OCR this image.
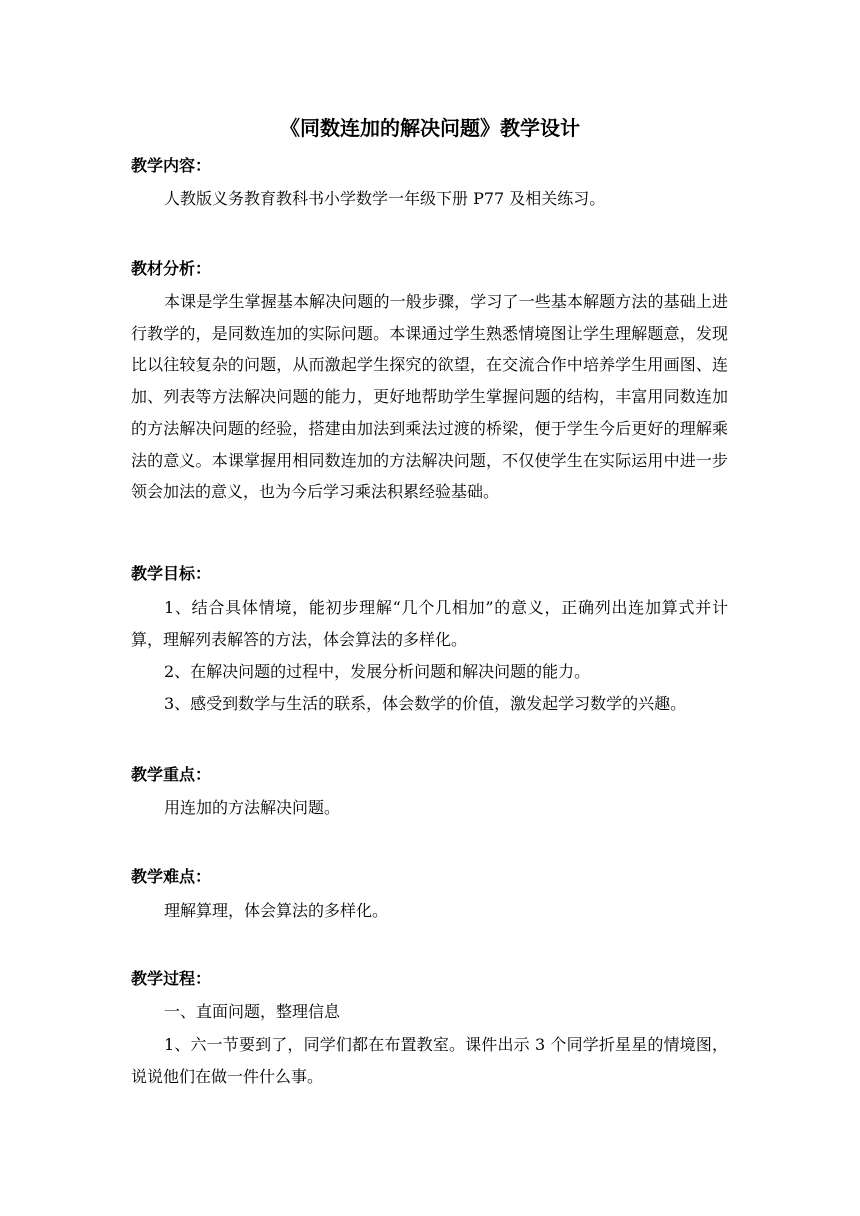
《同数连加的解决问题》教学设计
教学内容：

人教版义务教育教科书小学数学一年级下册 P77 及相关练习。

教材分析：

本课是学生掌握基本解决问题的一般步骤，学习了一些基本解题方法的基础上进行教学的，是同数连加的实际问题。本课通过学生熟悉情境图让学生理解题意，发现比以往较复杂的问题，从而激起学生探究的欲望，在交流合作中培养学生用画图、连加、列表等方法解决问题的能力，更好地帮助学生掌握问题的结构，丰富用同数连加的方法解决问题的经验，搭建由加法到乘法过渡的桥梁，便于学生今后更好的理解乘法的意义。本课掌握用相同数连加的方法解决问题，不仅使学生在实际运用中进一步领会加法的意义，也为今后学习乘法积累经验基础。

教学目标：

1、结合具体情境，能初步理解“几个几相加”的意义，正确列出连加算式并计算，理解列表解答的方法，体会算法的多样化。

2、在解决问题的过程中，发展分析问题和解决问题的能力。

3、感受到数学与生活的联系，体会数学的价值，激发起学习数学的兴趣。

教学重点：

用连加的方法解决问题。

教学难点：

理解算理，体会算法的多样化。

教学过程：

一、直面问题，整理信息

1、六一节要到了，同学们都在布置教室。课件出示 3 个同学折星星的情境图，说说他们在做一件什么事。
